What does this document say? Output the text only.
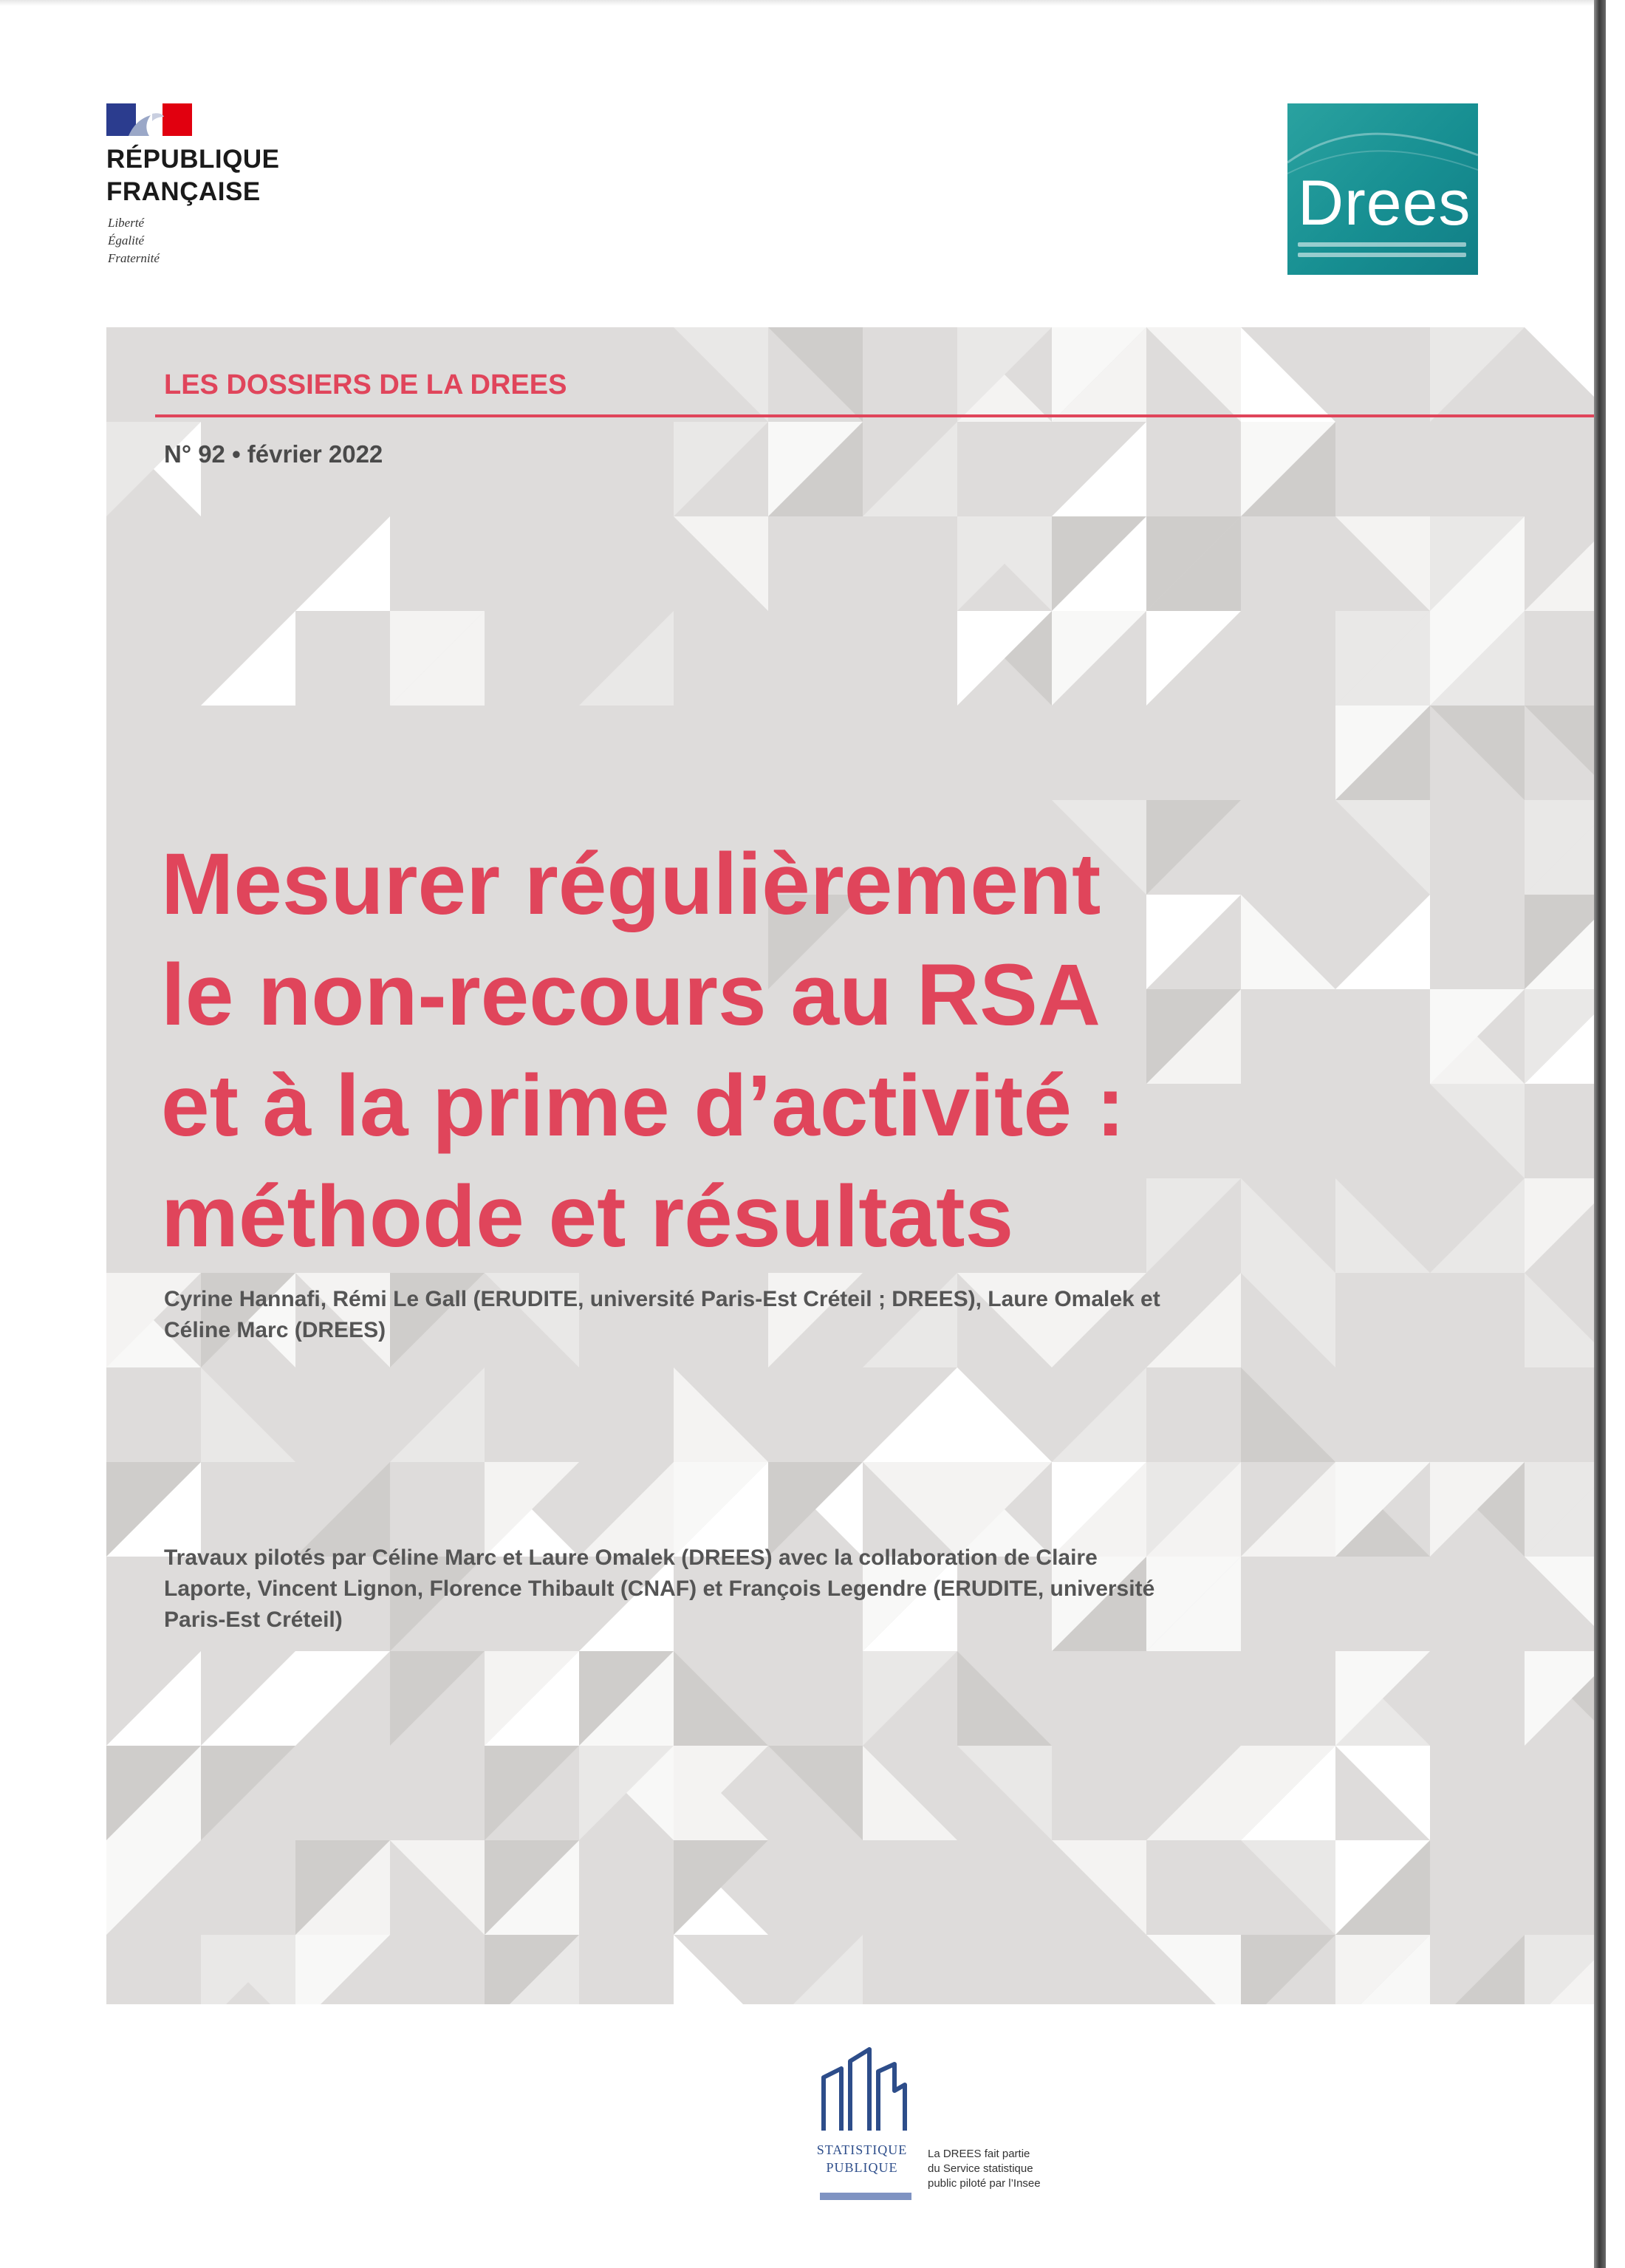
RÉPUBLIQUE
FRANÇAISE
Liberté
Égalité
Fraternité
Drees
LES DOSSIERS DE LA DREES
N° 92 • février 2022
Mesurer régulièrement
le non-recours au RSA
et à la prime d’activité :
méthode et résultats
Cyrine Hannafi, Rémi Le Gall (ERUDITE, université Paris-Est Créteil ; DREES), Laure Omalek et
Céline Marc (DREES)
Travaux pilotés par Céline Marc et Laure Omalek (DREES) avec la collaboration de Claire
Laporte, Vincent Lignon, Florence Thibault (CNAF) et François Legendre (ERUDITE, université
Paris-Est Créteil)
STATISTIQUE
PUBLIQUE
La DREES fait partie
du Service statistique
public piloté par l’Insee
